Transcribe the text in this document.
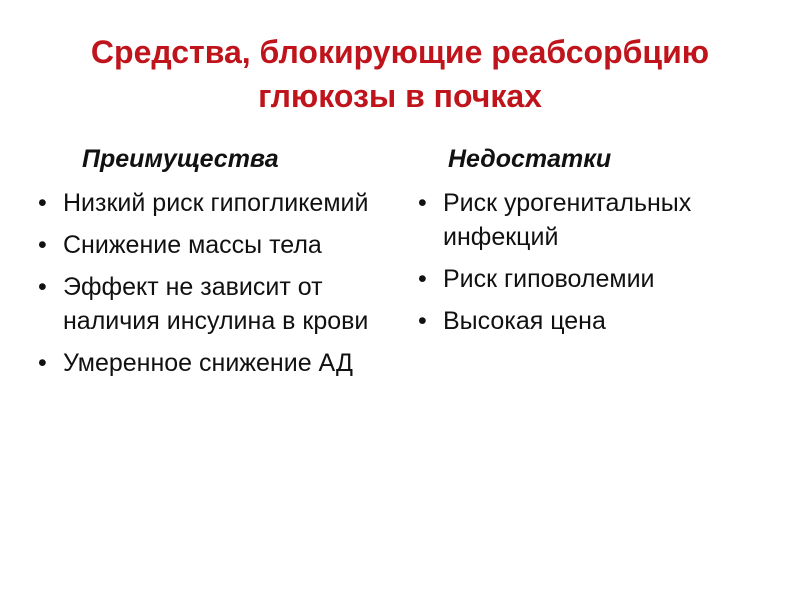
Средства, блокирующие реабсорбцию
глюкозы в почках
Преимущества
• Низкий риск гипогликемий
• Снижение массы тела
• Эффект не зависит от наличия инсулина в крови
• Умеренное снижение АД
Недостатки
• Риск урогенитальных инфекций
• Риск гиповолемии
• Высокая цена
